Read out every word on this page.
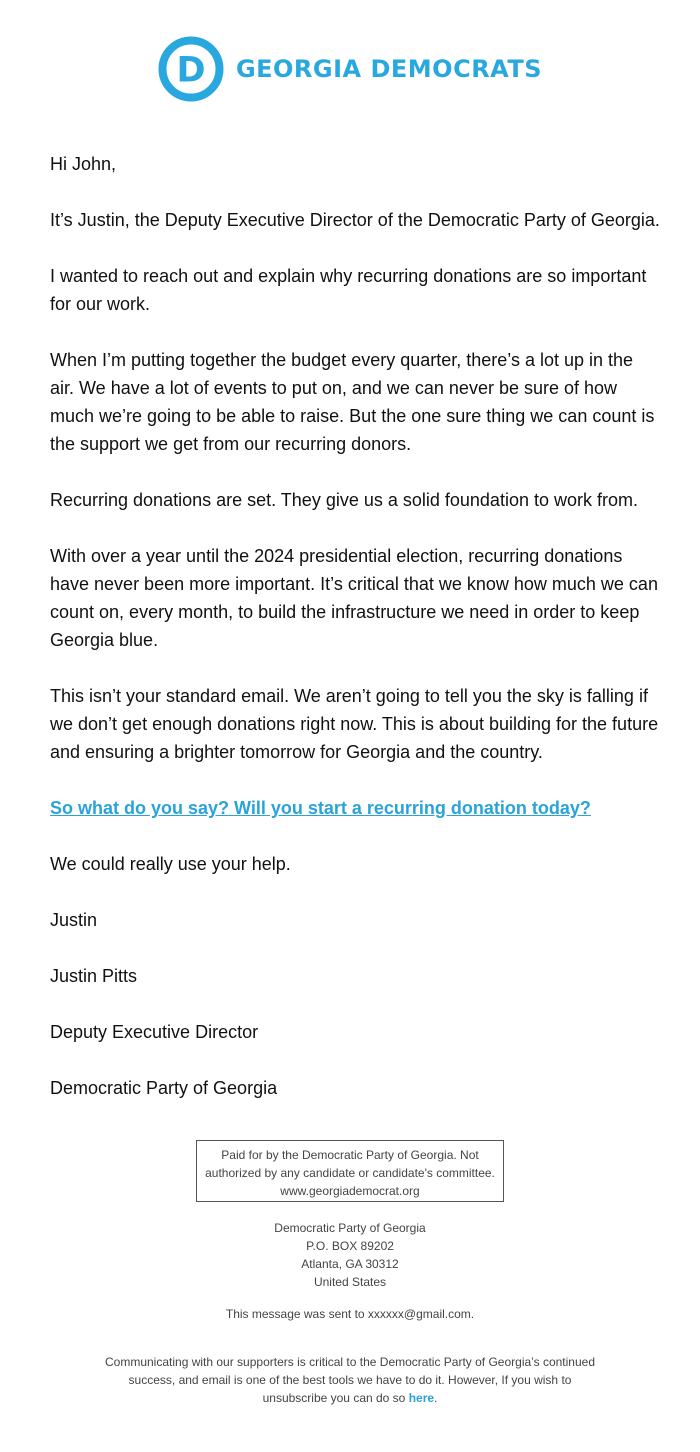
D GEORGIA DEMOCRATS

Hi John,

It’s Justin, the Deputy Executive Director of the Democratic Party of Georgia.

I wanted to reach out and explain why recurring donations are so important for our work.

When I’m putting together the budget every quarter, there’s a lot up in the air. We have a lot of events to put on, and we can never be sure of how much we’re going to be able to raise. But the one sure thing we can count is the support we get from our recurring donors.

Recurring donations are set. They give us a solid foundation to work from.

With over a year until the 2024 presidential election, recurring donations have never been more important. It’s critical that we know how much we can count on, every month, to build the infrastructure we need in order to keep Georgia blue.

This isn’t your standard email. We aren’t going to tell you the sky is falling if we don’t get enough donations right now. This is about building for the future and ensuring a brighter tomorrow for Georgia and the country.

So what do you say? Will you start a recurring donation today?

We could really use your help.

Justin

Justin Pitts

Deputy Executive Director

Democratic Party of Georgia

Paid for by the Democratic Party of Georgia. Not
authorized by any candidate or candidate's committee.
www.georgiademocrat.org
Democratic Party of Georgia
P.O. BOX 89202
Atlanta, GA 30312
United States
This message was sent to xxxxxx@gmail.com.
Communicating with our supporters is critical to the Democratic Party of Georgia’s continued
success, and email is one of the best tools we have to do it. However, If you wish to
unsubscribe you can do so here.
